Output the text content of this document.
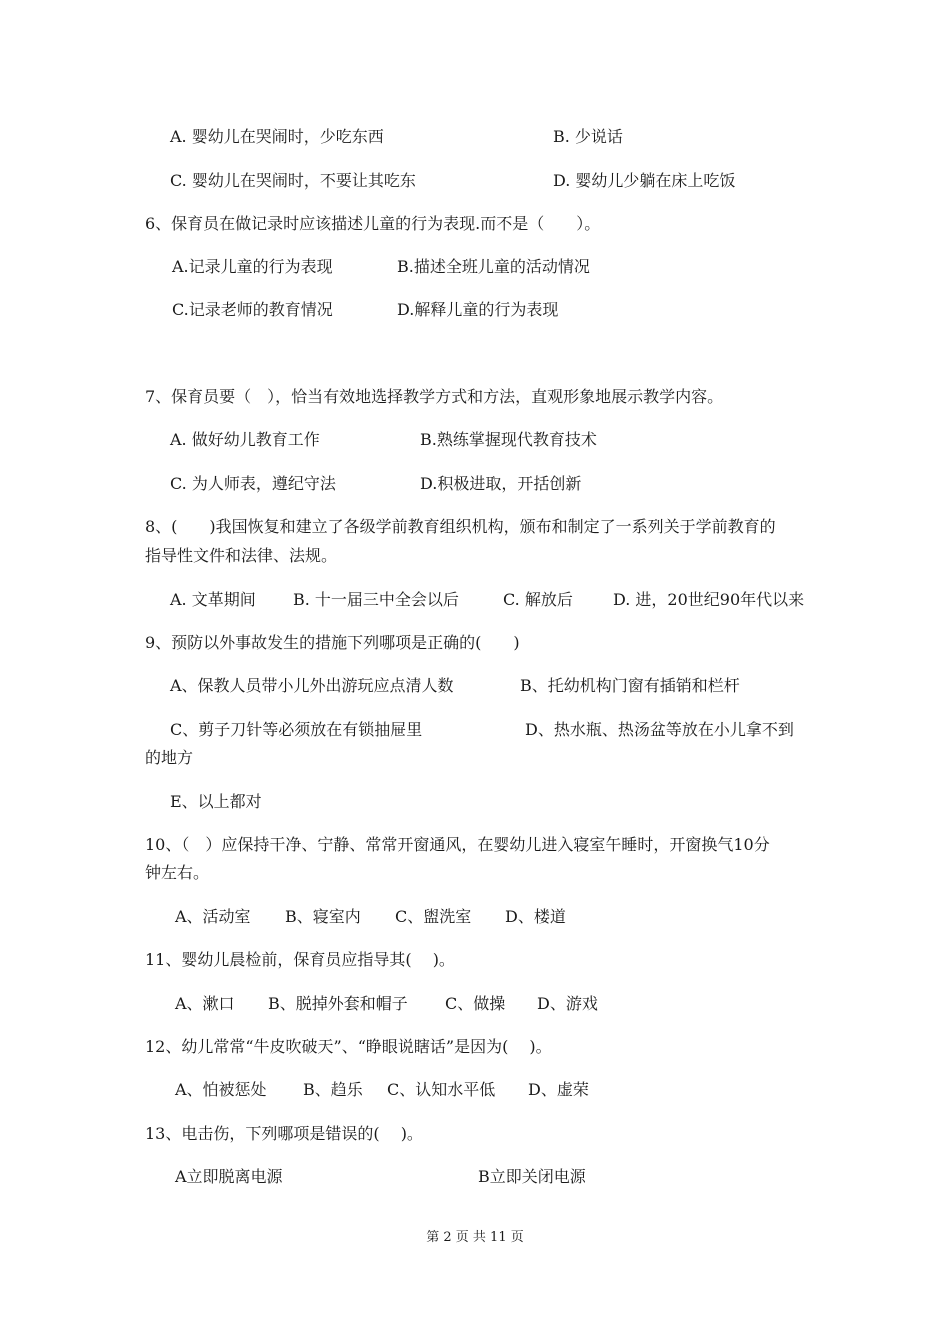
A. 婴幼儿在哭闹时，少吃东西	B. 少说话
C. 婴幼儿在哭闹时，不要让其吃东	D. 婴幼儿少躺在床上吃饭
6、保育员在做记录时应该描述儿童的行为表现.而不是（　　）。
A.记录儿童的行为表现	B.描述全班儿童的活动情况
C.记录老师的教育情况	D.解释儿童的行为表现
7、保育员要（　），恰当有效地选择教学方式和方法，直观形象地展示教学内容。
A. 做好幼儿教育工作	B.熟练掌握现代教育技术
C. 为人师表，遵纪守法	D.积极进取，开括创新
8、(　　)我国恢复和建立了各级学前教育组织机构，颁布和制定了一系列关于学前教育的
指导性文件和法律、法规。
A. 文革期间 B. 十一届三中全会以后	C. 解放后	D. 进，20世纪90年代以来
9、预防以外事故发生的措施下列哪项是正确的(　　)
A、保教人员带小儿外出游玩应点清人数	B、托幼机构门窗有插销和栏杆
C、剪子刀针等必须放在有锁抽屉里	D、热水瓶、热汤盆等放在小儿拿不到
的地方
E、以上都对
10、（　）应保持干净、宁静、常常开窗通风，在婴幼儿进入寝室午睡时，开窗换气10分
钟左右。
A、活动室 B、寝室内 C、盥洗室 D、楼道
11、婴幼儿晨检前，保育员应指导其(　 )。
A、漱口 B、脱掉外套和帽子 C、做操 D、游戏
12、幼儿常常“牛皮吹破天”、“睁眼说瞎话”是因为(　 )。
A、怕被惩处 B、趋乐 C、认知水平低 D、虚荣
13、电击伤，下列哪项是错误的(　 )。
A立即脱离电源	B立即关闭电源
第 2 页 共 11 页
